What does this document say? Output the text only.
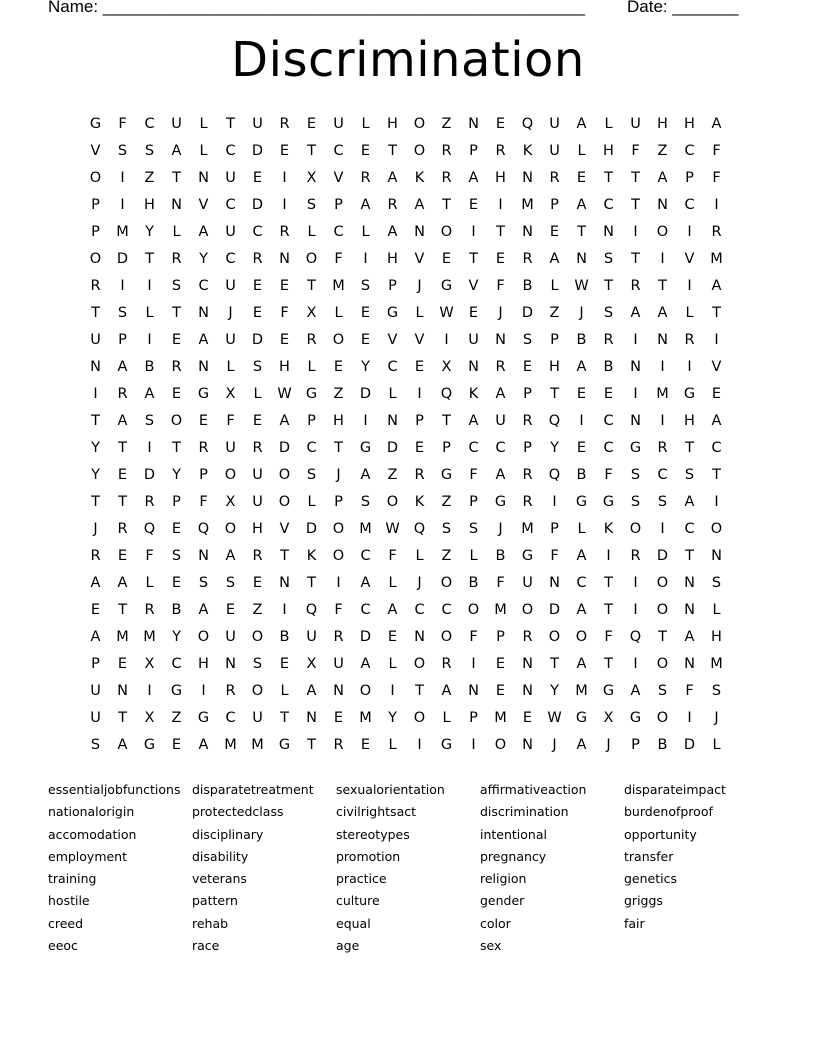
Name: ___________________________________________________ Date: _______
Discrimination
G	F	C	U	L	T	U	R	E	U	L	H	O	Z	N	E	Q	U	A	L	U	H	H	A
V	S	S	A	L	C	D	E	T	C	E	T	O	R	P	R	K	U	L	H	F	Z	C	F
O	I	Z	T	N	U	E	I	X	V	R	A	K	R	A	H	N	R	E	T	T	A	P	F
P	I	H	N	V	C	D	I	S	P	A	R	A	T	E	I	M	P	A	C	T	N	C	I
P	M	Y	L	A	U	C	R	L	C	L	A	N	O	I	T	N	E	T	N	I	O	I	R
O	D	T	R	Y	C	R	N	O	F	I	H	V	E	T	E	R	A	N	S	T	I	V	M
R	I	I	S	C	U	E	E	T	M	S	P	J	G	V	F	B	L	W	T	R	T	I	A
T	S	L	T	N	J	E	F	X	L	E	G	L	W	E	J	D	Z	J	S	A	A	L	T
U	P	I	E	A	U	D	E	R	O	E	V	V	I	U	N	S	P	B	R	I	N	R	I
N	A	B	R	N	L	S	H	L	E	Y	C	E	X	N	R	E	H	A	B	N	I	I	V
I	R	A	E	G	X	L	W G	Z	D	L	I	Q	K	A	P	T	E	E	I	M	G	E
T	A	S	O	E	F	E	A	P	H	I	N	P	T	A	U	R	Q	I	C	N	I	H	A
Y	T	I	T	R	U	R	D	C	T	G	D	E	P	C	C	P	Y	E	C	G	R	T	C
Y	E	D	Y	P	O	U	O	S	J	A	Z	R	G	F	A	R	Q	B	F	S	C	S	T
T	T	R	P	F	X	U	O	L	P	S	O	K	Z	P	G	R	I	G	G	S	S	A	I
J	R	Q	E	Q	O	H	V	D	O	M W Q	S	S	J	M	P	L	K	O	I	C	O
R	E	F	S	N	A	R	T	K	O	C	F	L	Z	L	B	G	F	A	I	R	D	T	N
A	A	L	E	S	S	E	N	T	I	A	L	J	O	B	F	U	N	C	T	I	O	N	S
E	T	R	B	A	E	Z	I	Q	F	C	A	C	C	O	M	O	D	A	T	I	O	N	L
A	M M	Y	O	U	O	B	U	R	D	E	N	O	F	P	R	O	O	F	Q	T	A	H
P	E	X	C	H	N	S	E	X	U	A	L	O	R	I	E	N	T	A	T	I	O	N	M
U	N	I	G	I	R	O	L	A	N	O	I	T	A	N	E	N	Y	M	G	A	S	F	S
U	T	X	Z	G	C	U	T	N	E	M	Y	O	L	P	M	E	W G	X	G	O	I	J
S	A	G	E	A	M M	G	T	R	E	L	I	G	I	O	N	J	A	J	P	B	D	L
essentialjobfunctions
nationalorigin
accomodation
employment
training
hostile
creed
eeoc
disparatetreatment
protectedclass
disciplinary
disability
veterans
pattern
rehab
race
sexualorientation
civilrightsact
stereotypes
promotion
practice
culture
equal
age
affirmativeaction
discrimination
intentional
pregnancy
religion
gender
color
sex
disparateimpact
burdenofproof
opportunity
transfer
genetics
griggs
fair
